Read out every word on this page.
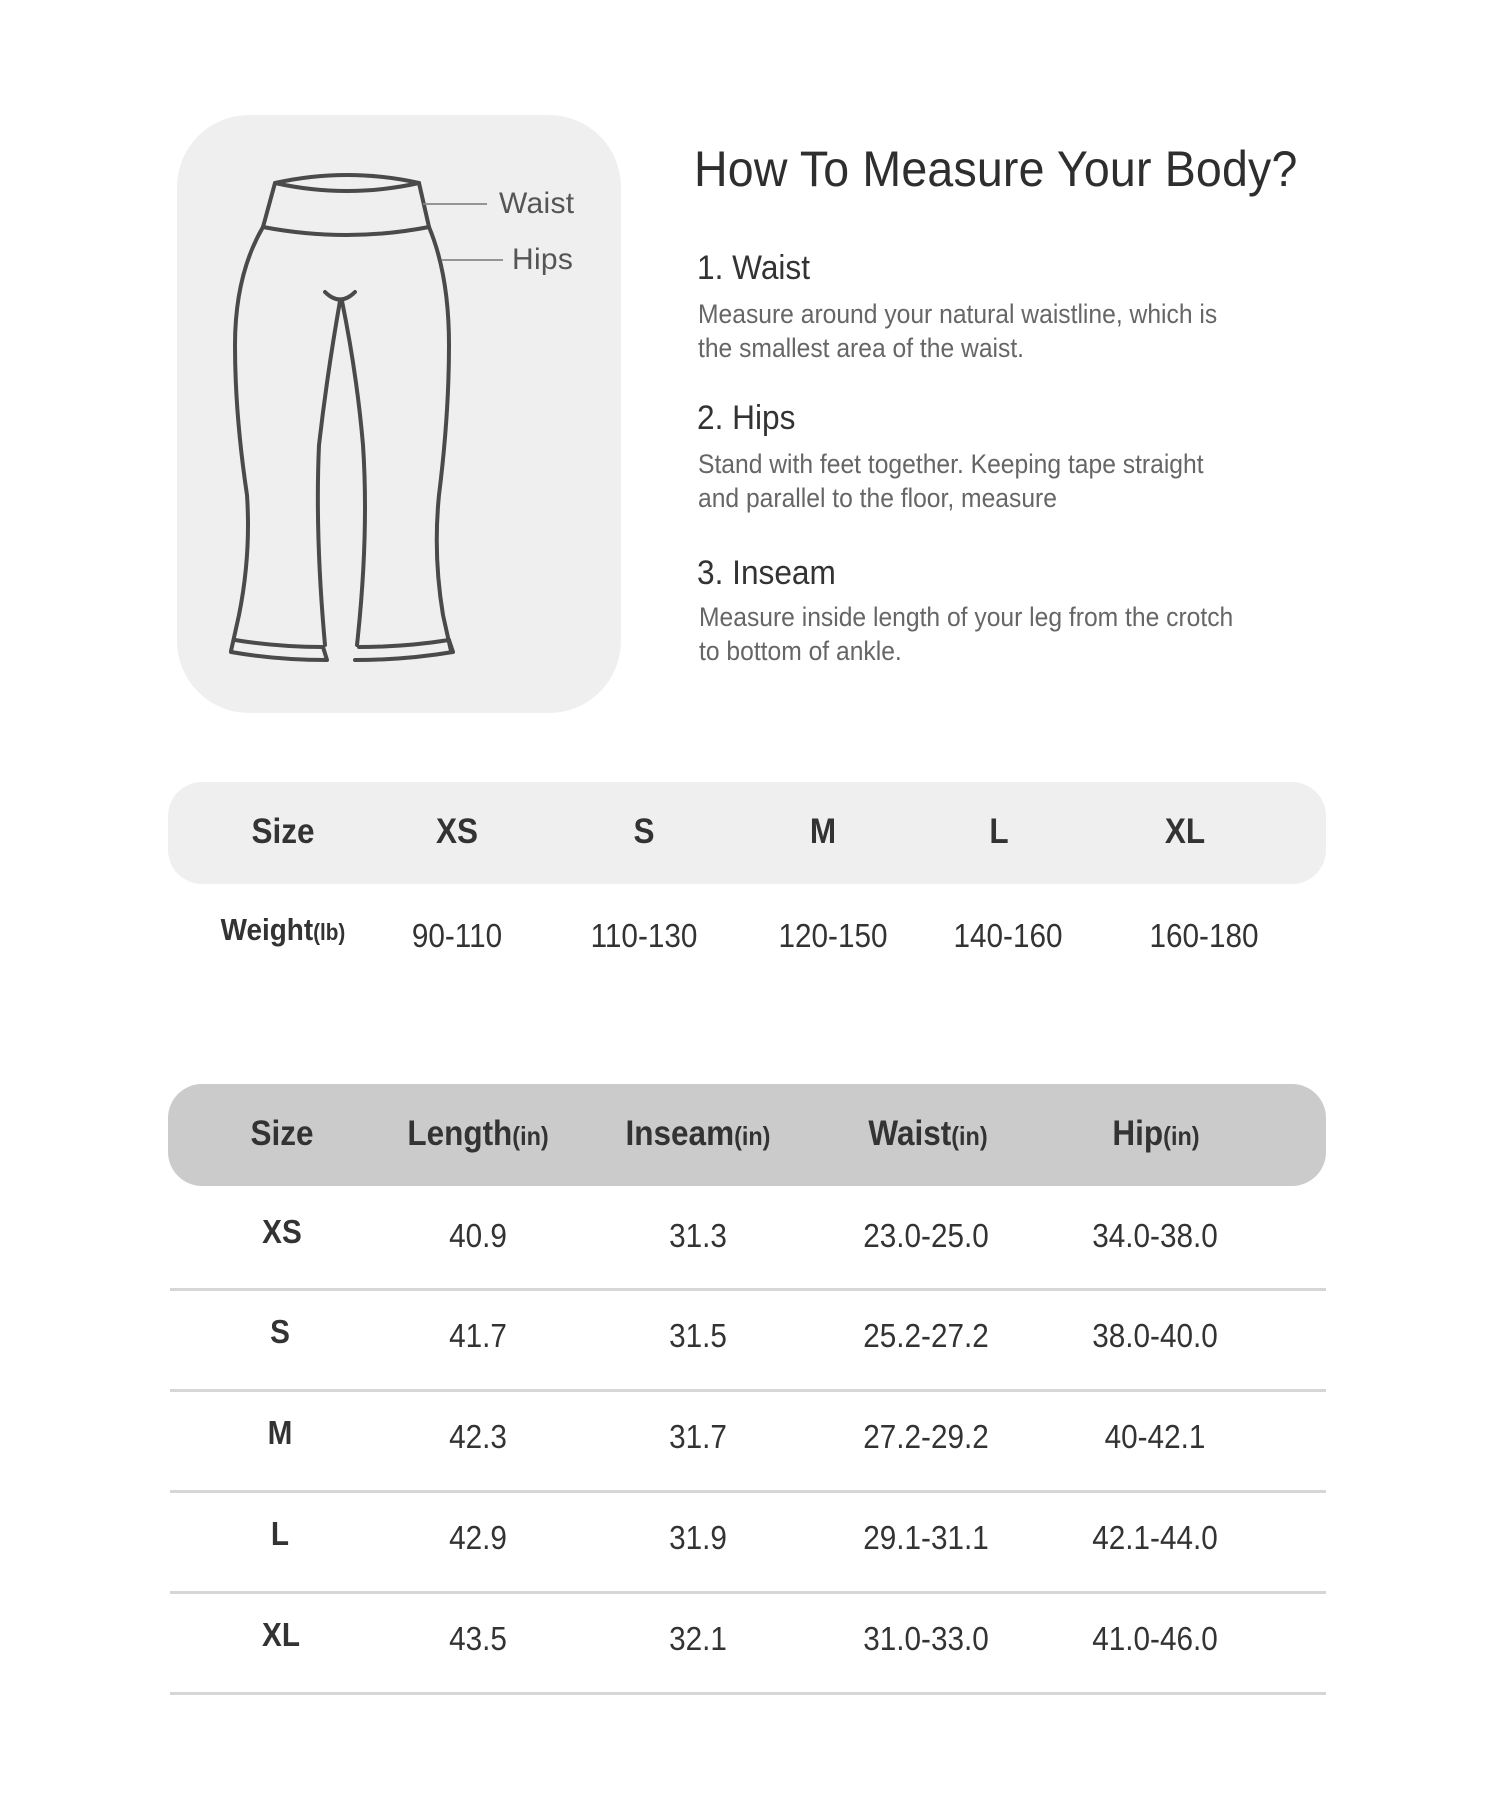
Waist
Hips
How To Measure Your Body?
1. Waist
Measure around your natural waistline, which is
the smallest area of the waist.
2. Hips
Stand with feet together. Keeping tape straight
and parallel to the floor, measure
3. Inseam
Measure inside length of your leg from the crotch
to bottom of ankle.
Size	XS	S	M	L	XL
Weight(lb) 90-110	110-130 120-150 140-160	160-180
Size	Length(in) Inseam(in)	Waist(in)	Hip(in)
XS	40.9	31.3	23.0-25.0	34.0-38.0
S	41.7	31.5	25.2-27.2	38.0-40.0
M	42.3	31.7	27.2-29.2	40-42.1
L	42.9	31.9	29.1-31.1	42.1-44.0
XL	43.5	32.1	31.0-33.0	41.0-46.0
